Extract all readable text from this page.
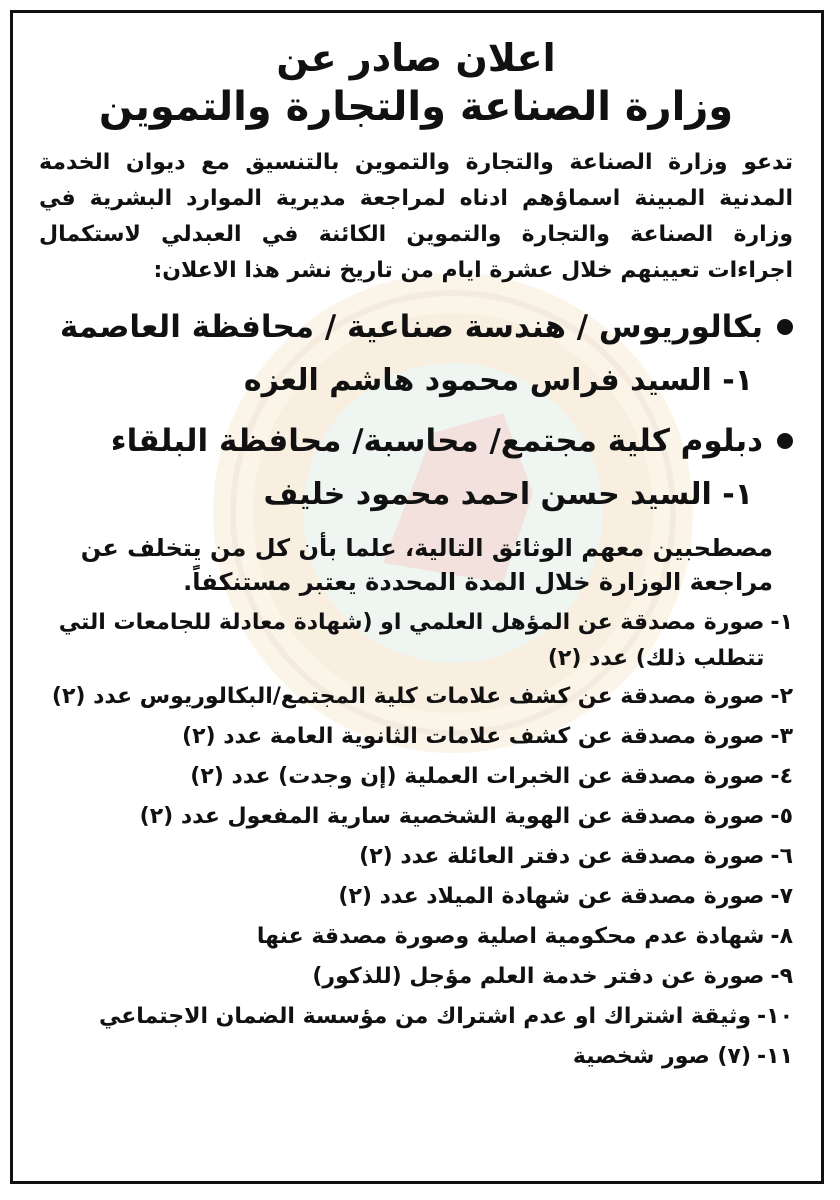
اعلان صادر عن
وزارة الصناعة والتجارة والتموين

تدعو وزارة الصناعة والتجارة والتموين بالتنسيق مع ديوان الخدمة المدنية المبينة اسماؤهم ادناه لمراجعة مديرية الموارد البشرية في وزارة الصناعة والتجارة والتموين الكائنة في العبدلي لاستكمال اجراءات تعيينهم خلال عشرة ايام من تاريخ نشر هذا الاعلان:

بكالوريوس / هندسة صناعية / محافظة العاصمة
١- السيد فراس محمود هاشم العزه
دبلوم كلية مجتمع/ محاسبة/ محافظة البلقاء
١- السيد حسن احمد محمود خليف

مصطحبين معهم الوثائق التالية، علما بأن كل من يتخلف عن مراجعة الوزارة خلال المدة المحددة يعتبر مستنكفاً.

١-
صورة مصدقة عن المؤهل العلمي او (شهادة معادلة للجامعات التي تتطلب ذلك) عدد (٢)
٢-
صورة مصدقة عن كشف علامات كلية المجتمع/البكالوريوس عدد (٢)
٣-
صورة مصدقة عن كشف علامات الثانوية العامة عدد (٢)
٤-
صورة مصدقة عن الخبرات العملية (إن وجدت) عدد (٢)
٥-
صورة مصدقة عن الهوية الشخصية سارية المفعول عدد (٢)
٦-
صورة مصدقة عن دفتر العائلة عدد (٢)
٧-
صورة مصدقة عن شهادة الميلاد عدد (٢)
٨-
شهادة عدم محكومية اصلية وصورة مصدقة عنها
٩-
صورة عن دفتر خدمة العلم مؤجل (للذكور)
١٠-
وثيقة اشتراك او عدم اشتراك من مؤسسة الضمان الاجتماعي
١١-
(٧) صور شخصية
